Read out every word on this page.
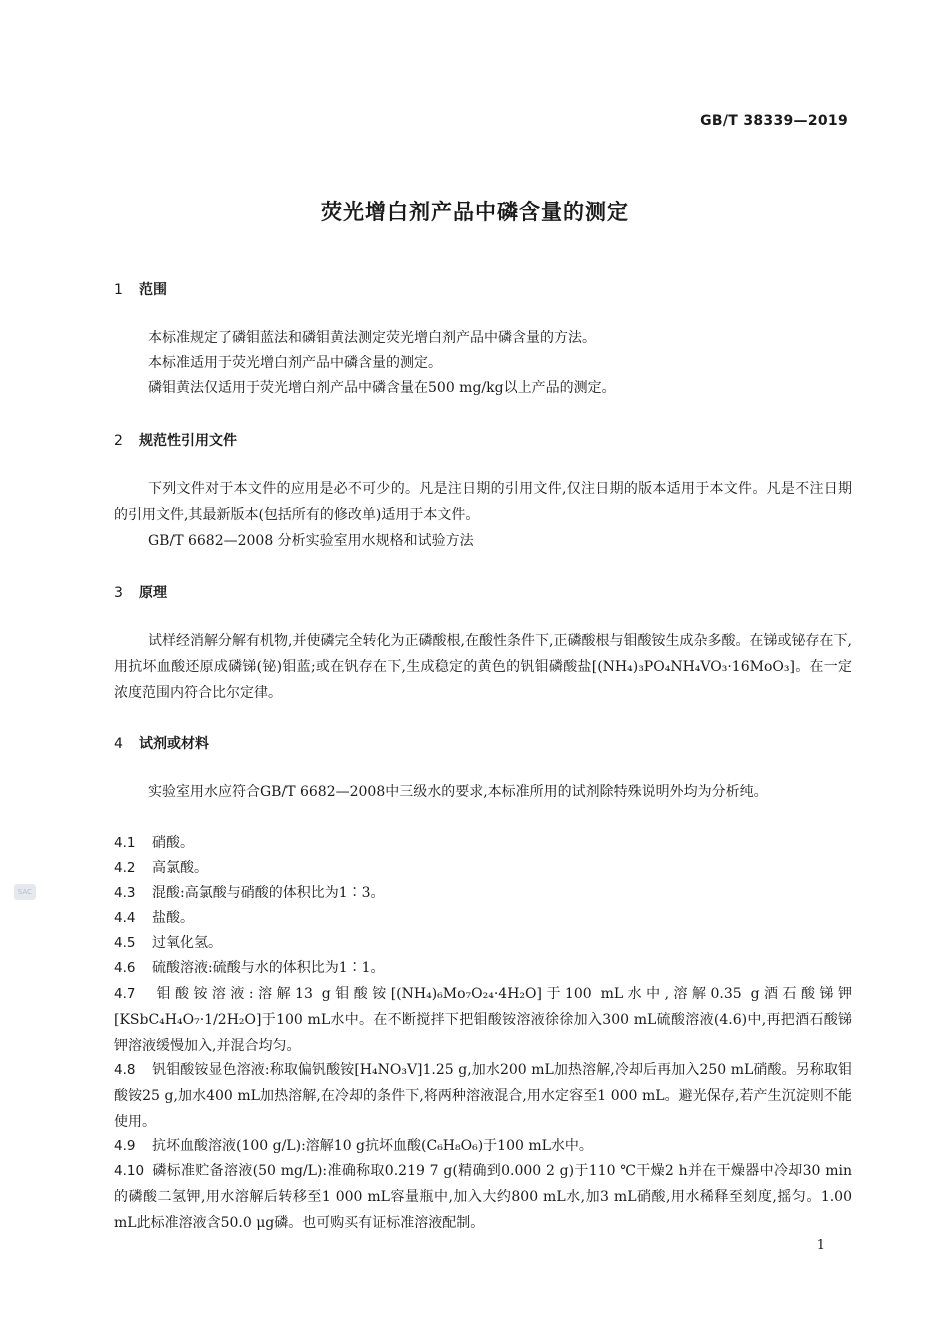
GB/T 38339—2019
荧光增白剂产品中磷含量的测定
1 范围
本标准规定了磷钼蓝法和磷钼黄法测定荧光增白剂产品中磷含量的方法。
本标准适用于荧光增白剂产品中磷含量的测定。
磷钼黄法仅适用于荧光增白剂产品中磷含量在500 mg/kg以上产品的测定。
2 规范性引用文件
下列文件对于本文件的应用是必不可少的。凡是注日期的引用文件,仅注日期的版本适用于本文件。凡是不注日期的引用文件,其最新版本(包括所有的修改单)适用于本文件。
GB/T 6682—2008 分析实验室用水规格和试验方法
3 原理
试样经消解分解有机物,并使磷完全转化为正磷酸根,在酸性条件下,正磷酸根与钼酸铵生成杂多酸。在锑或铋存在下,用抗坏血酸还原成磷锑(铋)钼蓝;或在钒存在下,生成稳定的黄色的钒钼磷酸盐[(NH₄)₃PO₄NH₄VO₃·16MoO₃]。在一定浓度范围内符合比尔定律。
4 试剂或材料
实验室用水应符合GB/T 6682—2008中三级水的要求,本标准所用的试剂除特殊说明外均为分析纯。
4.1 硝酸。
4.2 高氯酸。
4.3 混酸:高氯酸与硝酸的体积比为1∶3。
4.4 盐酸。
4.5 过氧化氢。
4.6 硫酸溶液:硫酸与水的体积比为1∶1。
4.7 钼酸铵溶液:溶解13 g钼酸铵[(NH₄)₆Mo₇O₂₄·4H₂O]于100 mL水中,溶解0.35 g酒石酸锑钾[KSbC₄H₄O₇·1/2H₂O]于100 mL水中。在不断搅拌下把钼酸铵溶液徐徐加入300 mL硫酸溶液(4.6)中,再把酒石酸锑钾溶液缓慢加入,并混合均匀。
4.8 钒钼酸铵显色溶液:称取偏钒酸铵[H₄NO₃V]1.25 g,加水200 mL加热溶解,冷却后再加入250 mL硝酸。另称取钼酸铵25 g,加水400 mL加热溶解,在冷却的条件下,将两种溶液混合,用水定容至1 000 mL。避光保存,若产生沉淀则不能使用。
4.9 抗坏血酸溶液(100 g/L):溶解10 g抗坏血酸(C₆H₈O₆)于100 mL水中。
4.10 磷标准贮备溶液(50 mg/L):准确称取0.219 7 g(精确到0.000 2 g)于110 ℃干燥2 h并在干燥器中冷却30 min的磷酸二氢钾,用水溶解后转移至1 000 mL容量瓶中,加入大约800 mL水,加3 mL硝酸,用水稀释至刻度,摇匀。1.00 mL此标准溶液含50.0 μg磷。也可购买有证标准溶液配制。
1
SAC
